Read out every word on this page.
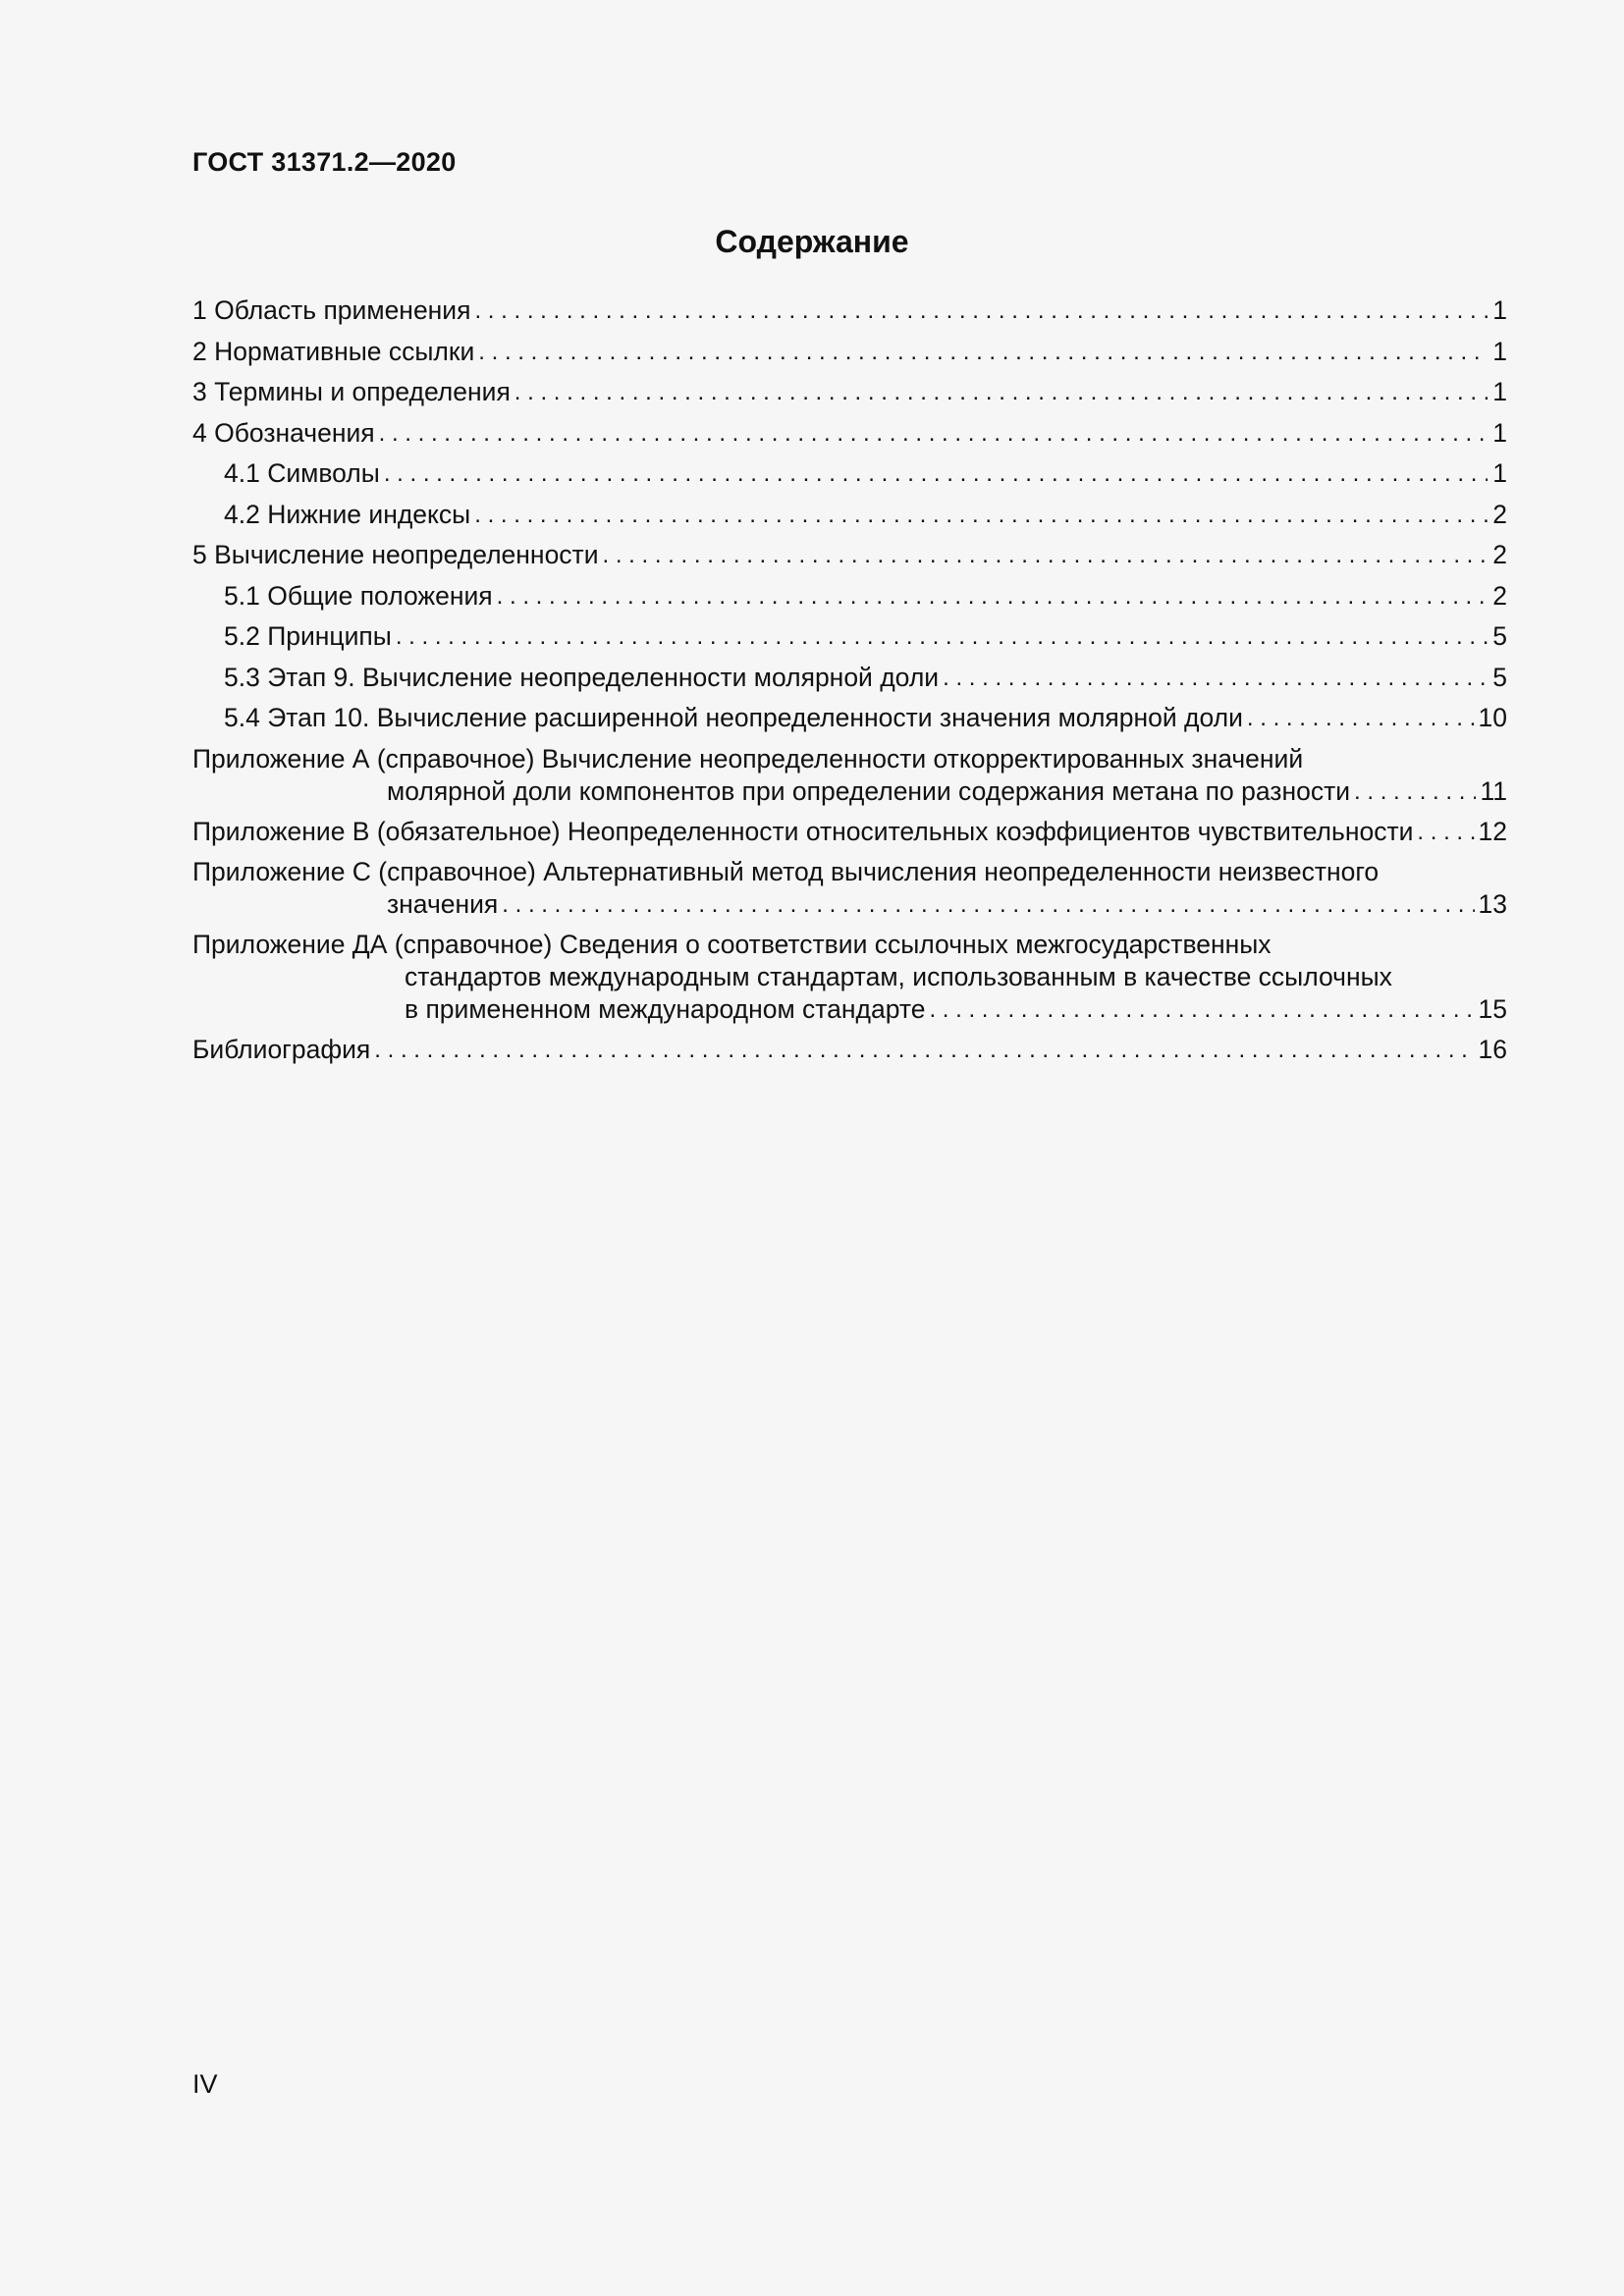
ГОСТ 31371.2—2020
Содержание
1 Область применения . . .	1
2 Нормативные ссылки . . .	1
3 Термины и определения . . .	1
4 Обозначения . . .	1
4.1 Символы . . .	1
4.2 Нижние индексы . . .	2
5 Вычисление неопределенности . . .	2
5.1 Общие положения . . .	2
5.2 Принципы . . .	5
5.3 Этап 9. Вычисление неопределенности молярной доли . . .	5
5.4 Этап 10. Вычисление расширенной неопределенности значения молярной доли . . .	10
Приложение А (справочное) Вычисление неопределенности откорректированных значений
молярной доли компонентов при определении содержания метана по разности . . .	11
Приложение В (обязательное) Неопределенности относительных коэффициентов чувствительности . . . 12
Приложение С (справочное) Альтернативный метод вычисления неопределенности неизвестного
значения . . .	13
Приложение ДА (справочное) Сведения о соответствии ссылочных межгосударственных
стандартов международным стандартам, использованным в качестве ссылочных
в примененном международном стандарте . . .	15
Библиография . . .	16
IV
